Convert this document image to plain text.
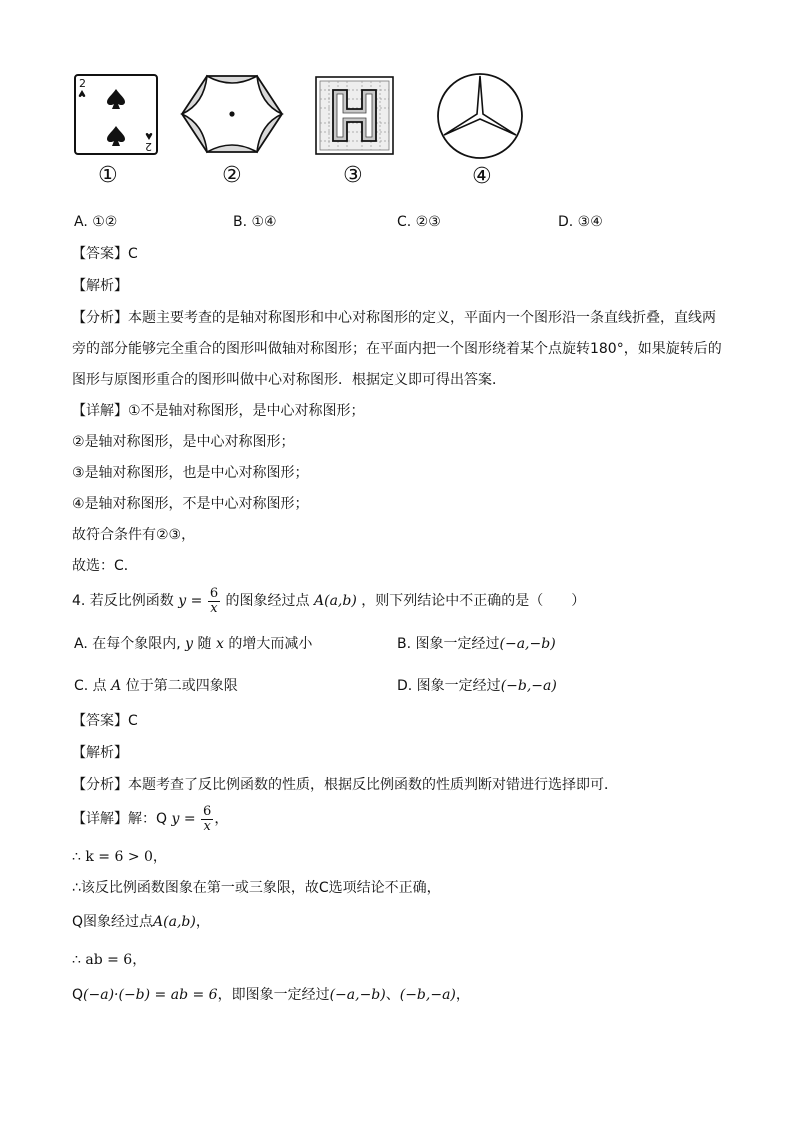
2
2
①	②	③	④
A. ①②	B. ①④	C. ②③	D. ③④
【答案】C
【解析】
【分析】本题主要考查的是轴对称图形和中心对称图形的定义，平面内一个图形沿一条直线折叠，直线两
旁的部分能够完全重合的图形叫做轴对称图形；在平面内把一个图形绕着某个点旋转180°，如果旋转后的
图形与原图形重合的图形叫做中心对称图形．根据定义即可得出答案．
【详解】①不是轴对称图形，是中心对称图形；
②是轴对称图形，是中心对称图形；
③是轴对称图形，也是中心对称图形；
④是轴对称图形，不是中心对称图形；
故符合条件有②③，
故选：C．
4. 若反比例函数 $y = \frac{6}{x}$ 的图象经过点 A(a,b) ，则下列结论中不正确的是（　　）
A. 在每个象限内, y 随 x 的增大而减小	B. 图象一定经过(−a,−b)
C. 点 A 位于第二或四象限	D. 图象一定经过(−b,−a)
【答案】C
【解析】
【分析】本题考查了反比例函数的性质，根据反比例函数的性质判断对错进行选择即可．
【详解】解：Q $y = \frac{6}{x}$ ，
∴ k = 6 > 0，
∴该反比例函数图象在第一或三象限，故C选项结论不正确，
Q图象经过点A(a,b)，
∴ ab = 6，
Q(−a)·(−b) = ab = 6，即图象一定经过(−a,−b)、(−b,−a)，
